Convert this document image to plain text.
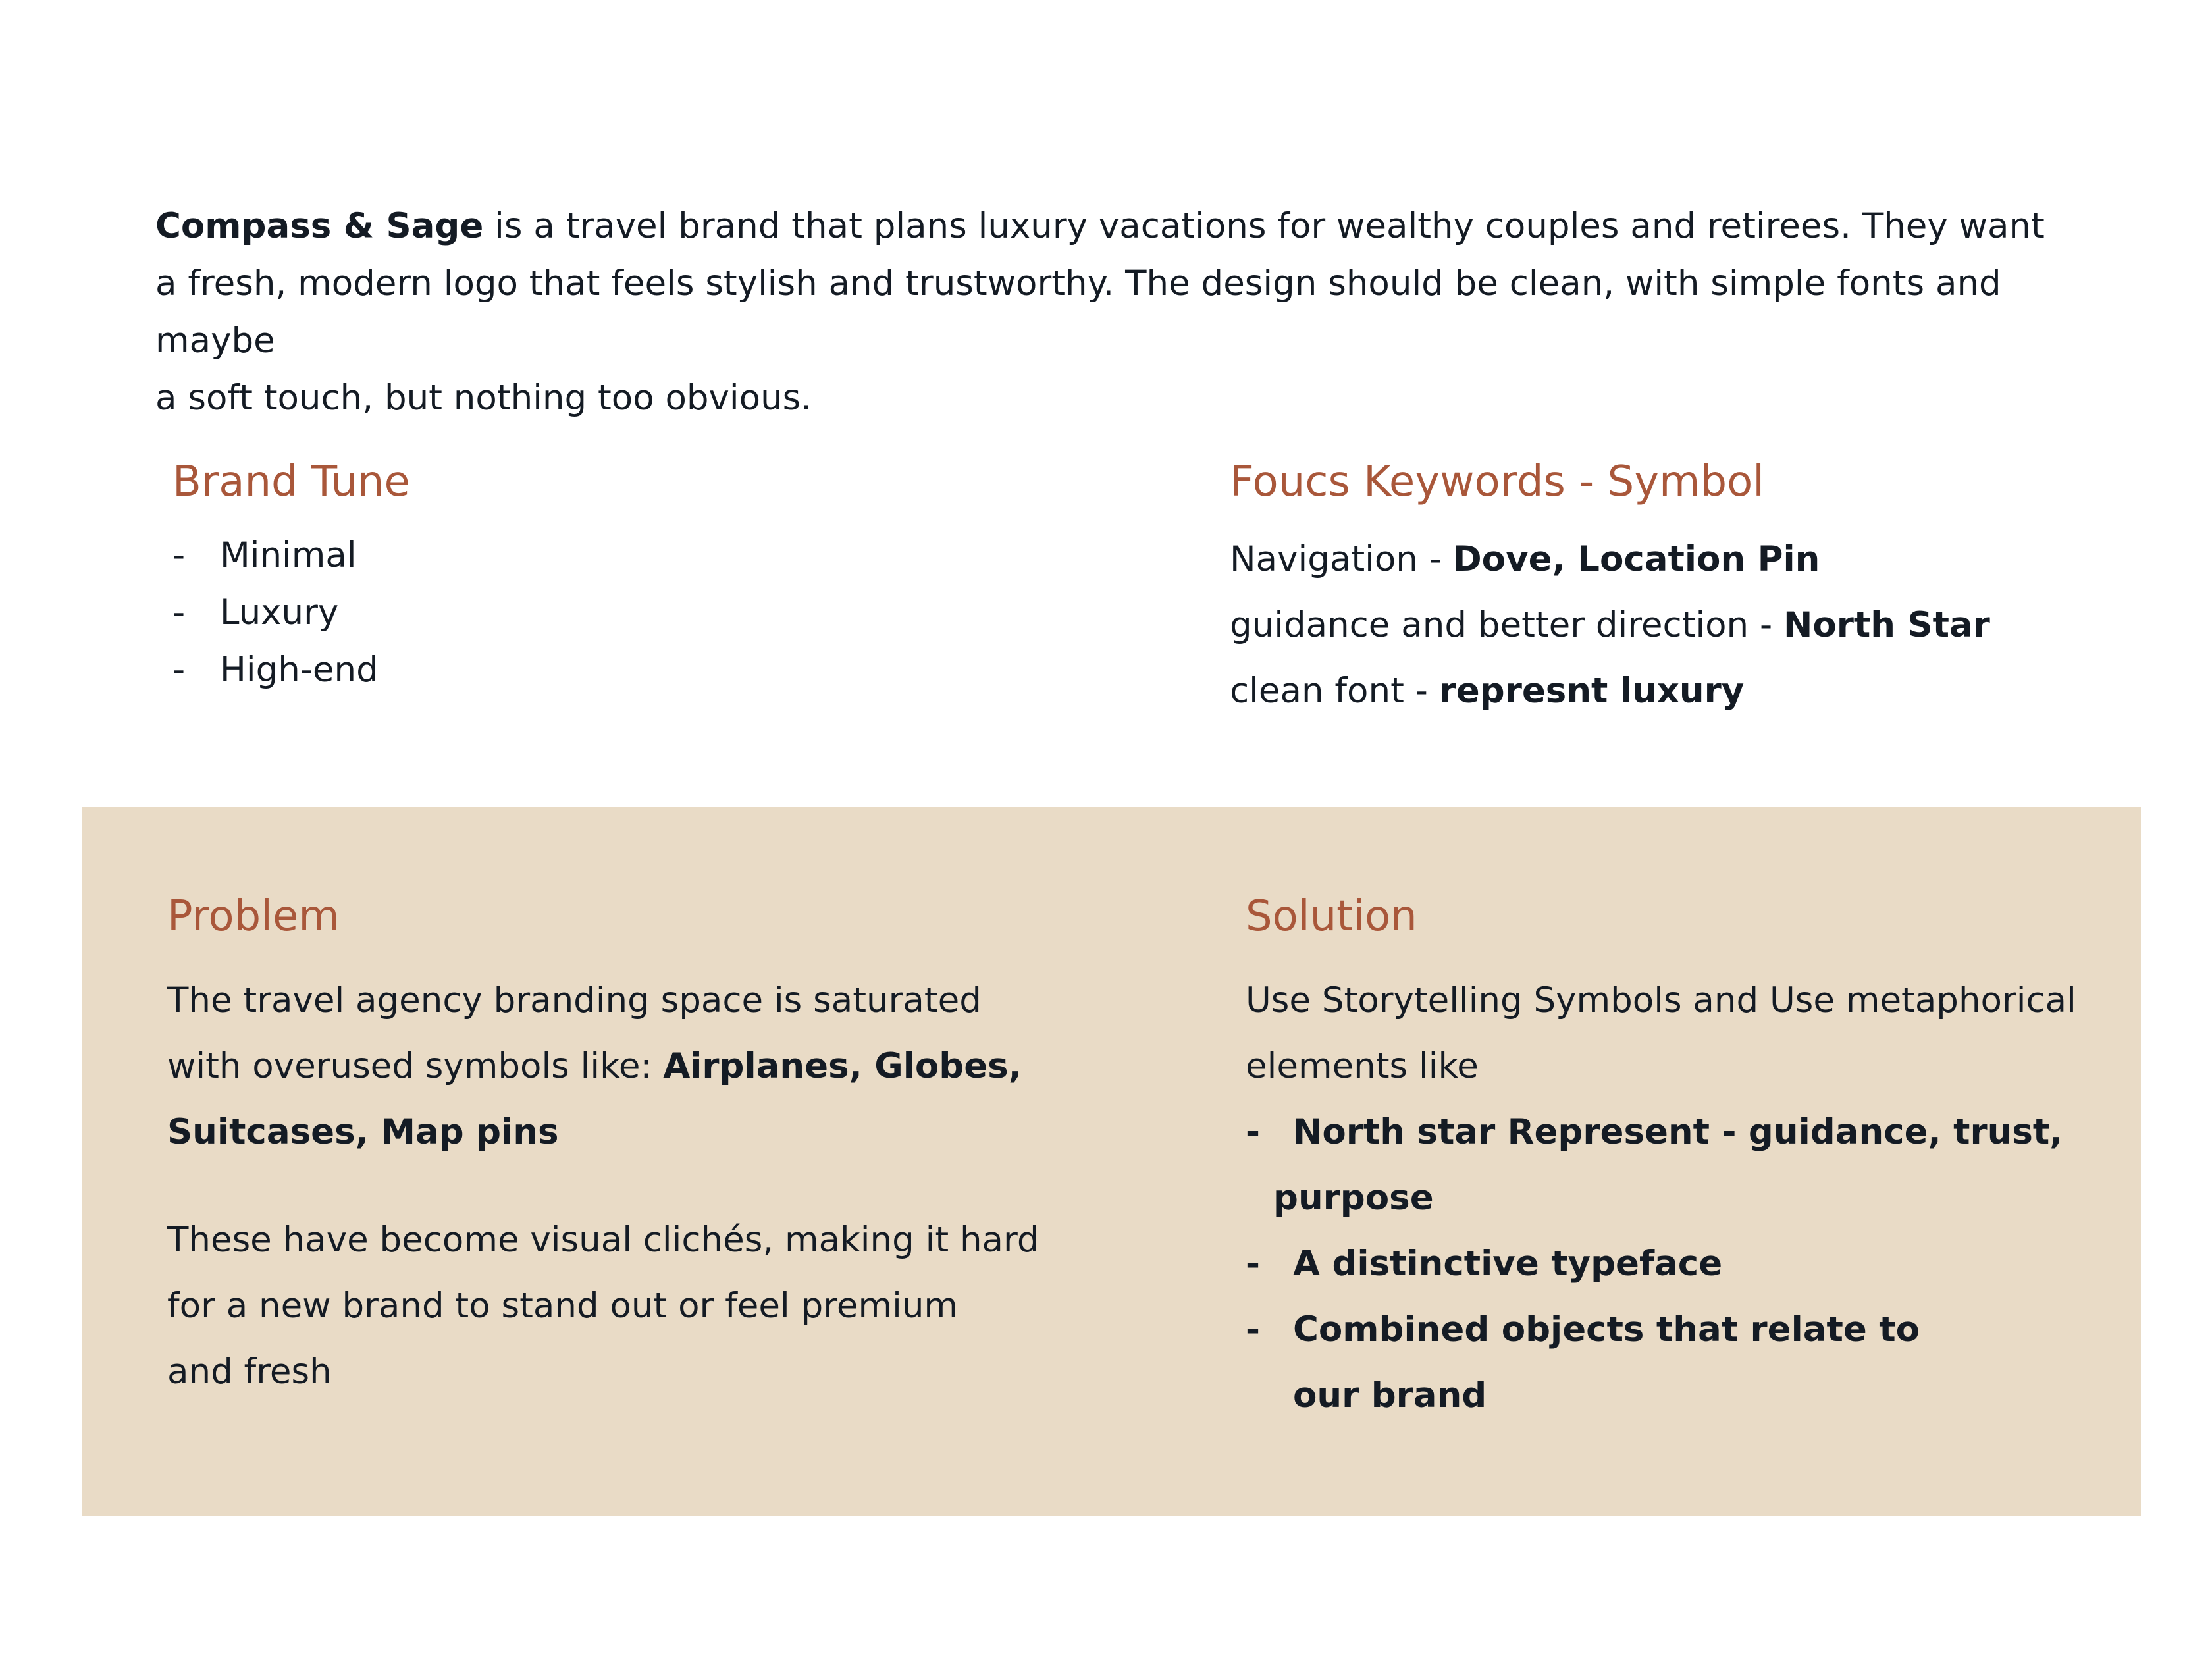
Compass & Sage is a travel brand that plans luxury vacations for wealthy couples and retirees. They want
a fresh, modern logo that feels stylish and trustworthy. The design should be clean, with simple fonts and maybe
a soft touch, but nothing too obvious.

Brand Tune
- Minimal
- Luxury
- High-end
Foucs Keywords - Symbol

Navigation - Dove, Location Pin

guidance and better direction - North Star

clean font - represnt luxury

Problem

The travel agency branding space is saturated
with overused symbols like: Airplanes, Globes,
Suitcases, Map pins

These have become visual clichés, making it hard
for a new brand to stand out or feel premium
and fresh

Solution

Use Storytelling Symbols and Use metaphorical
elements like

- North star Represent - guidance, trust,
purpose
- A distinctive typeface
- Combined objects that relate to
our brand
